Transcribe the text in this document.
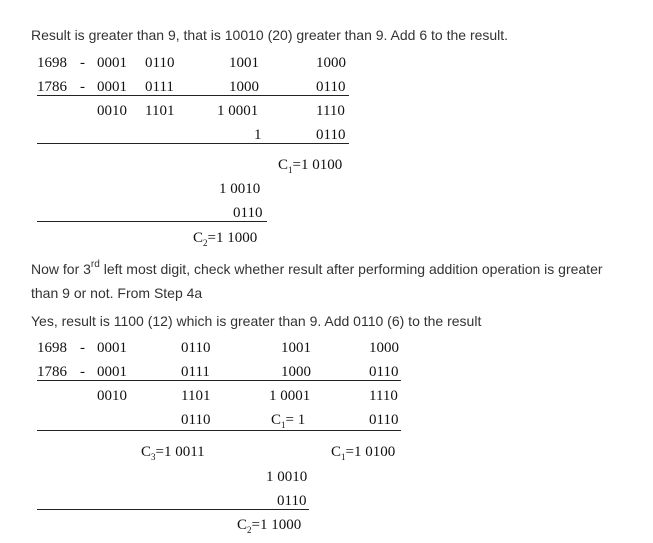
Result is greater than 9, that is 10010 (20) greater than 9. Add 6 to the result.
1698 - 0001 0110	1001	1000
1786 - 0001 0111	1000	0110
0010 1101	1 0001	1110
1	0110
$C_1=1$ 0100
1 0010
0110
$C_2=1$ 1000
Now for 3rd left most digit, check whether result after performing addition operation is greater
than 9 or not. From Step 4a
Yes, result is 1100 (12) which is greater than 9. Add 0110 (6) to the result
1698 - 0001	0110	1001	1000
1786 - 0001	0111	1000	0110
0010	1101	1 0001	1110
0110	$C_1= 1$	0110
$C_3=1$ 0011	$C_1=1$ 0100
1 0010
0110
$C_2=1$ 1000
